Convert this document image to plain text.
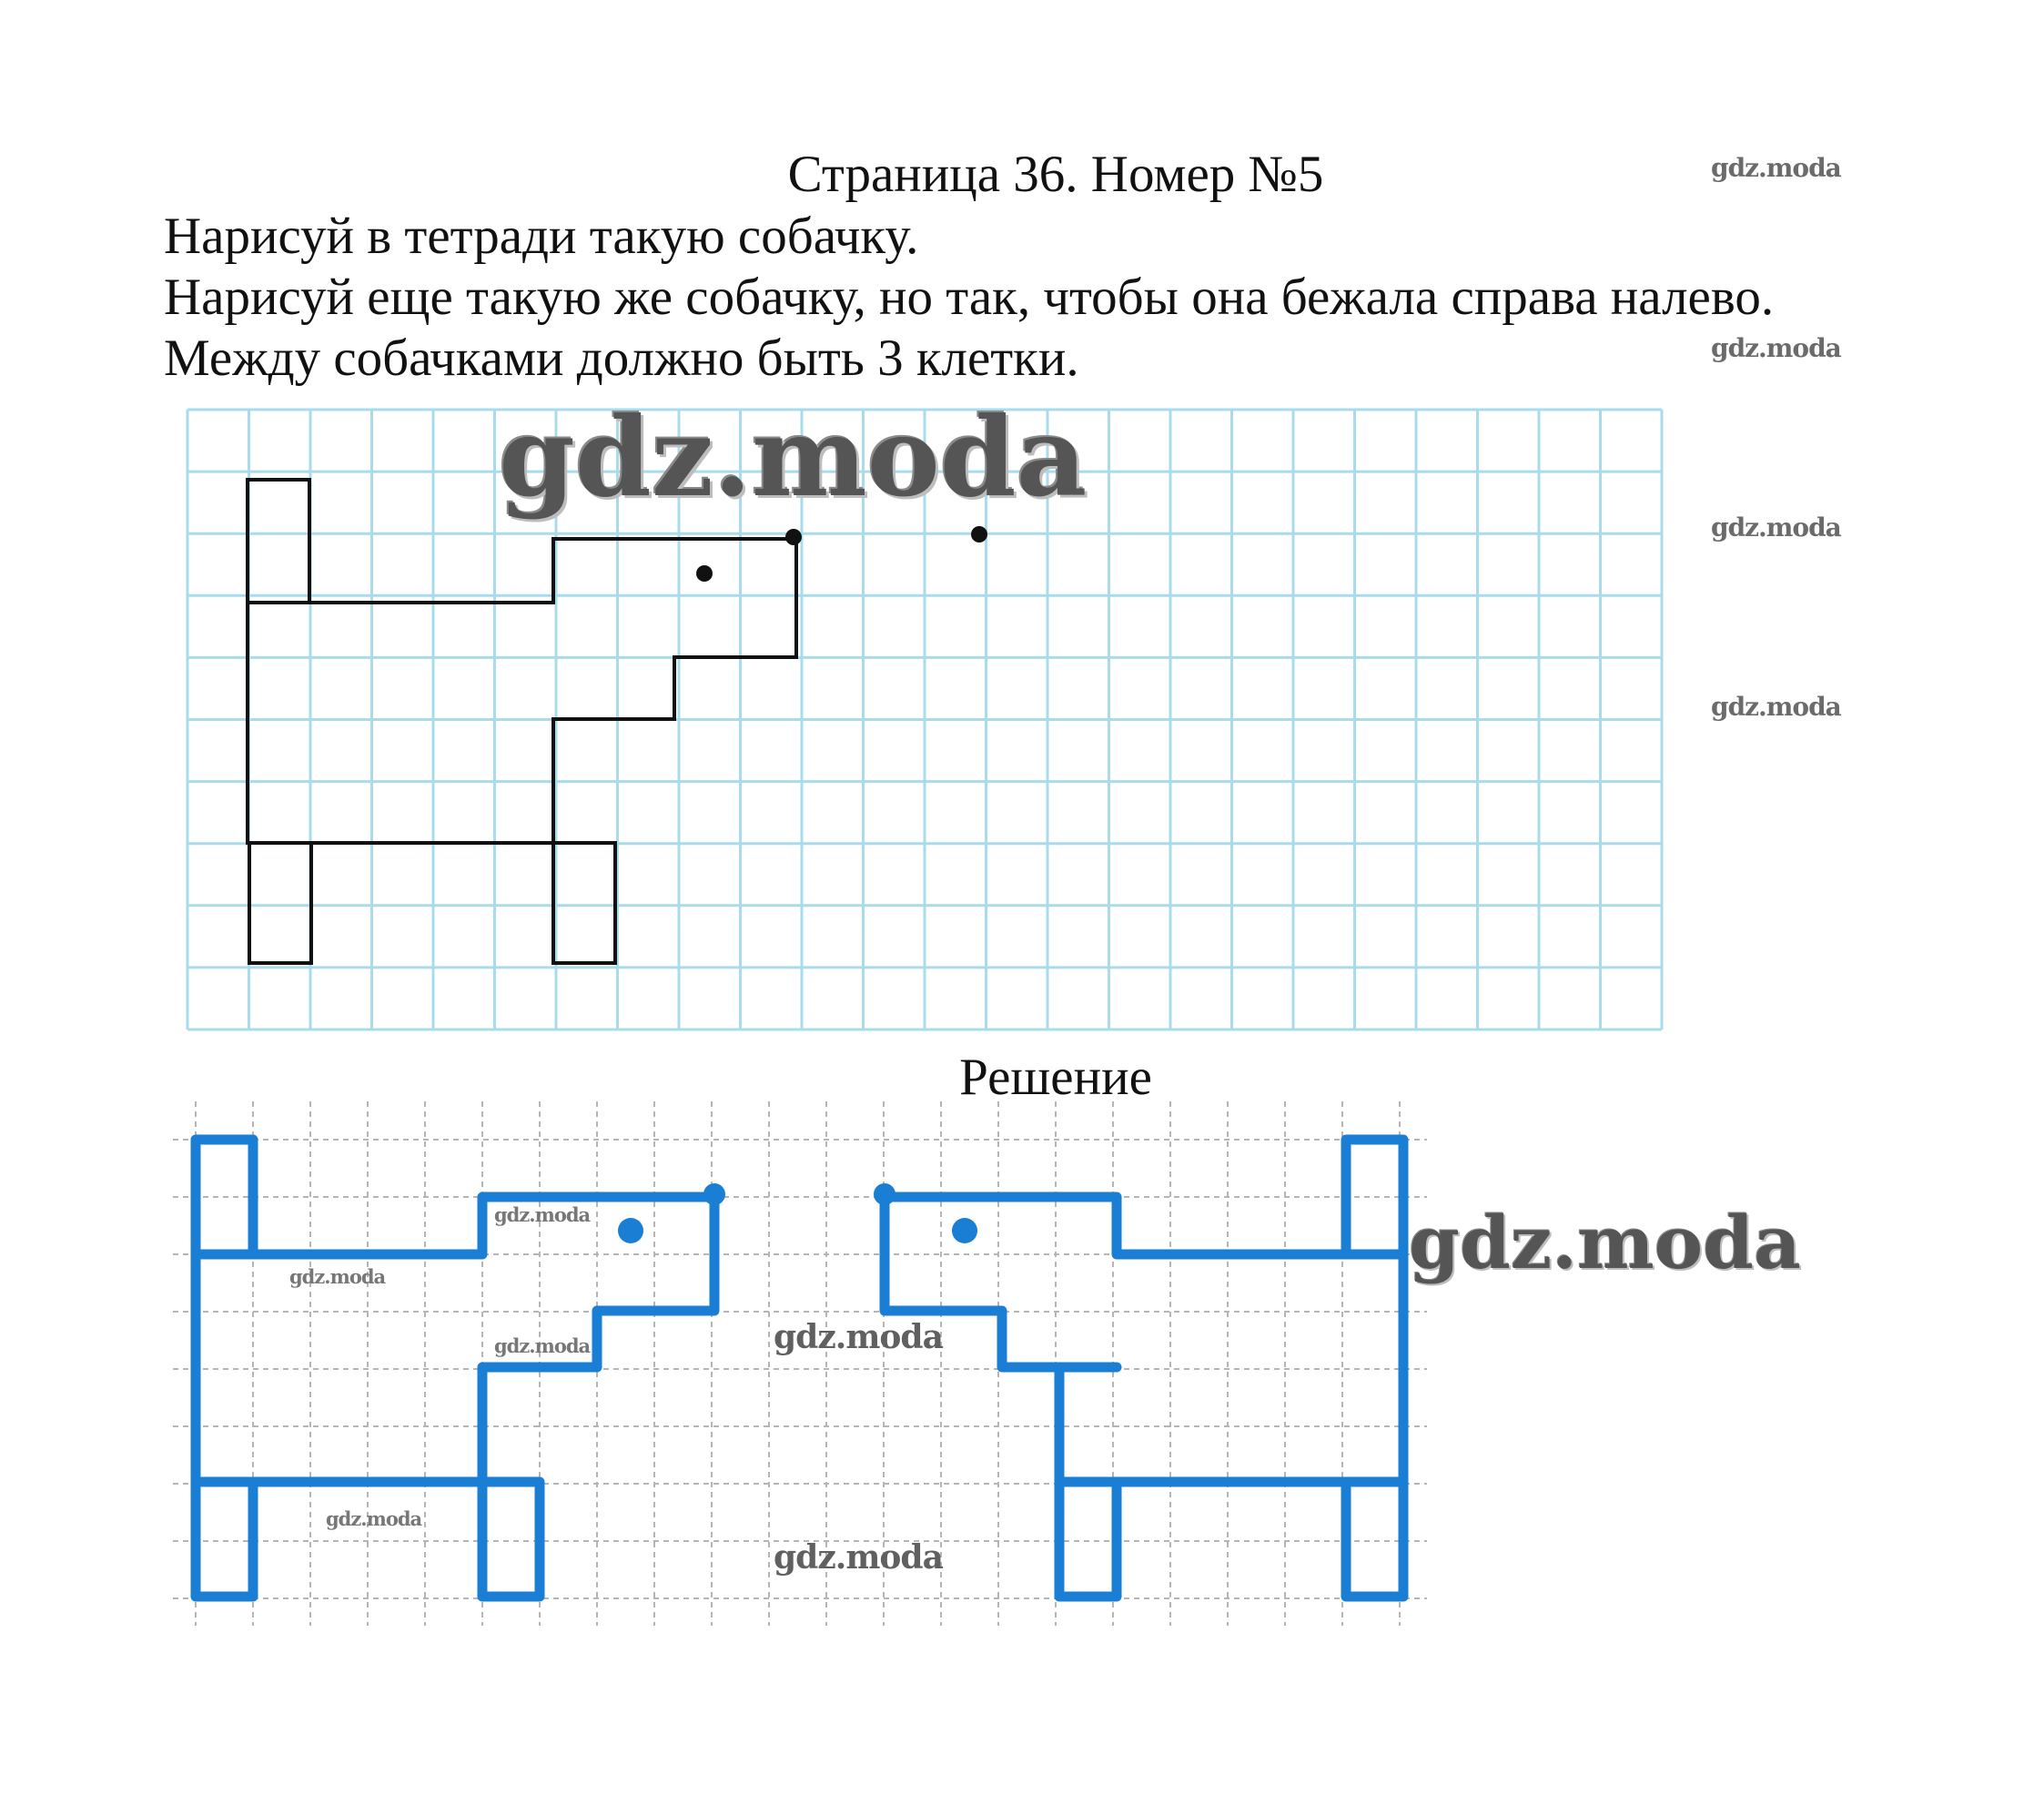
Страница 36. Номер №5
Нарисуй в тетради такую собачку.
Нарисуй еще такую же собачку, но так, чтобы она бежала справа налево.
Между собачками должно быть 3 клетки.
Решение
gdz.moda
gdz.moda
gdz.moda
gdz.moda
gdz.moda
gdz.moda
gdz.moda
gdz.moda
gdz.moda
gdz.moda
gdz.moda
gdz.moda
